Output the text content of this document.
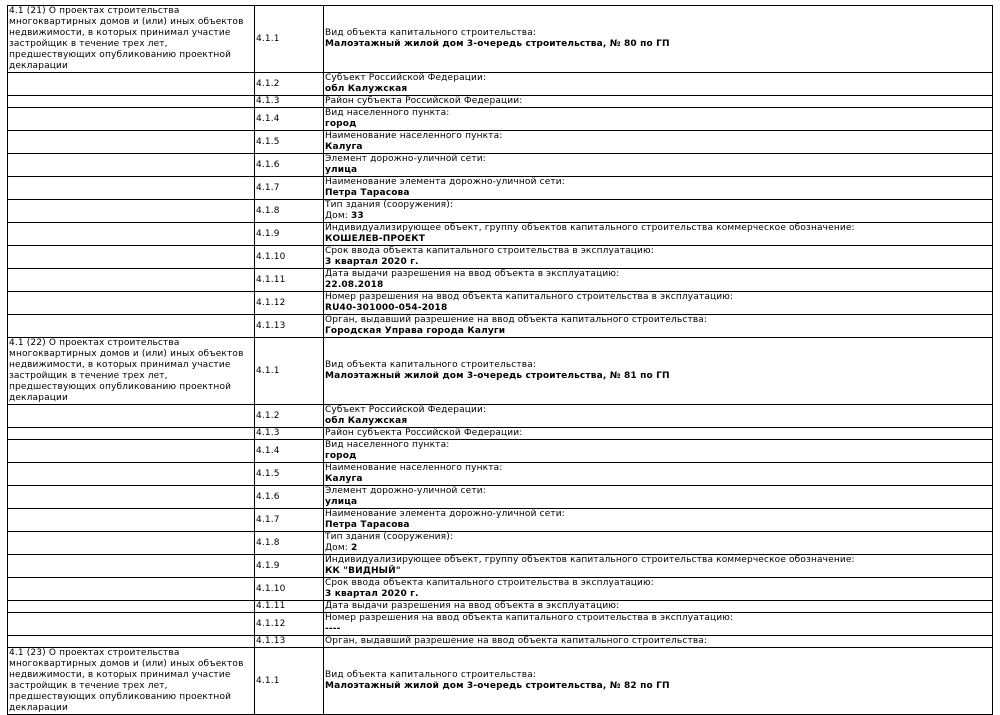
4.1 (21) О проектах строительства многоквартирных домов и (или) иных объектов недвижимости, в которых принимал участие застройщик в течение трех лет, предшествующих опубликованию проектной декларации	4.1.1	Вид объекта капитального строительства:
Малоэтажный жилой дом 3-очередь строительства, № 80 по ГП

	4.1.2	Субъект Российской Федерации:
обл Калужская

	4.1.3	Район субъекта Российской Федерации:

	4.1.4	Вид населенного пункта:
город

	4.1.5	Наименование населенного пункта:
Калуга

	4.1.6	Элемент дорожно-уличной сети:
улица

	4.1.7	Наименование элемента дорожно-уличной сети:
Петра Тарасова

	4.1.8	Тип здания (сооружения):
Дом: 33

	4.1.9	Индивидуализирующее объект, группу объектов капитального строительства коммерческое обозначение:
КОШЕЛЕВ-ПРОЕКТ

	4.1.10	Срок ввода объекта капитального строительства в эксплуатацию:
3 квартал 2020 г.

	4.1.11	Дата выдачи разрешения на ввод объекта в эксплуатацию:
22.08.2018

	4.1.12	Номер разрешения на ввод объекта капитального строительства в эксплуатацию:
RU40-301000-054-2018

	4.1.13	Орган, выдавший разрешение на ввод объекта капитального строительства:
Городская Управа города Калуги

4.1 (22) О проектах строительства многоквартирных домов и (или) иных объектов недвижимости, в которых принимал участие застройщик в течение трех лет, предшествующих опубликованию проектной декларации	4.1.1	Вид объекта капитального строительства:
Малоэтажный жилой дом 3-очередь строительства, № 81 по ГП

	4.1.2	Субъект Российской Федерации:
обл Калужская

	4.1.3	Район субъекта Российской Федерации:

	4.1.4	Вид населенного пункта:
город

	4.1.5	Наименование населенного пункта:
Калуга

	4.1.6	Элемент дорожно-уличной сети:
улица

	4.1.7	Наименование элемента дорожно-уличной сети:
Петра Тарасова

	4.1.8	Тип здания (сооружения):
Дом: 2

	4.1.9	Индивидуализирующее объект, группу объектов капитального строительства коммерческое обозначение:
КК "ВИДНЫЙ"

	4.1.10	Срок ввода объекта капитального строительства в эксплуатацию:
3 квартал 2020 г.

	4.1.11	Дата выдачи разрешения на ввод объекта в эксплуатацию:

	4.1.12	Номер разрешения на ввод объекта капитального строительства в эксплуатацию:
----

	4.1.13	Орган, выдавший разрешение на ввод объекта капитального строительства:

4.1 (23) О проектах строительства многоквартирных домов и (или) иных объектов недвижимости, в которых принимал участие застройщик в течение трех лет, предшествующих опубликованию проектной декларации	4.1.1	Вид объекта капитального строительства:
Малоэтажный жилой дом 3-очередь строительства, № 82 по ГП
